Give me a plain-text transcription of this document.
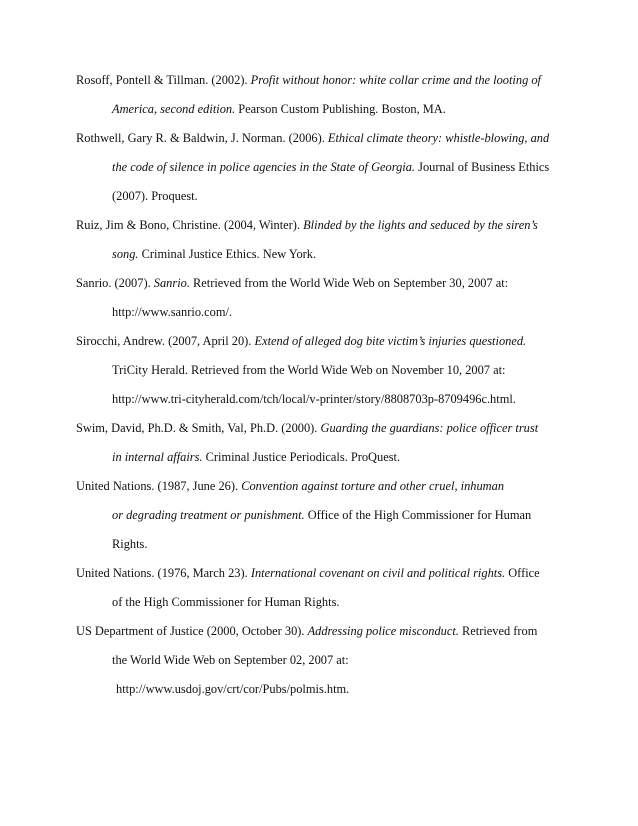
Rosoff, Pontell & Tillman. (2002). Profit without honor: white collar crime and the looting of
America, second edition. Pearson Custom Publishing. Boston, MA.
Rothwell, Gary R. & Baldwin, J. Norman. (2006). Ethical climate theory: whistle-blowing, and
the code of silence in police agencies in the State of Georgia. Journal of Business Ethics
(2007). Proquest.
Ruiz, Jim & Bono, Christine. (2004, Winter). Blinded by the lights and seduced by the siren’s
song. Criminal Justice Ethics. New York.
Sanrio. (2007). Sanrio. Retrieved from the World Wide Web on September 30, 2007 at:
http://www.sanrio.com/.
Sirocchi, Andrew. (2007, April 20). Extend of alleged dog bite victim’s injuries questioned.
TriCity Herald. Retrieved from the World Wide Web on November 10, 2007 at:
http://www.tri-cityherald.com/tch/local/v-printer/story/8808703p-8709496c.html.
Swim, David, Ph.D. & Smith, Val, Ph.D. (2000). Guarding the guardians: police officer trust
in internal affairs. Criminal Justice Periodicals. ProQuest.
United Nations. (1987, June 26). Convention against torture and other cruel, inhuman
or degrading treatment or punishment. Office of the High Commissioner for Human
Rights.
United Nations. (1976, March 23). International covenant on civil and political rights. Office
of the High Commissioner for Human Rights.
US Department of Justice (2000, October 30). Addressing police misconduct. Retrieved from
the World Wide Web on September 02, 2007 at:
http://www.usdoj.gov/crt/cor/Pubs/polmis.htm.
